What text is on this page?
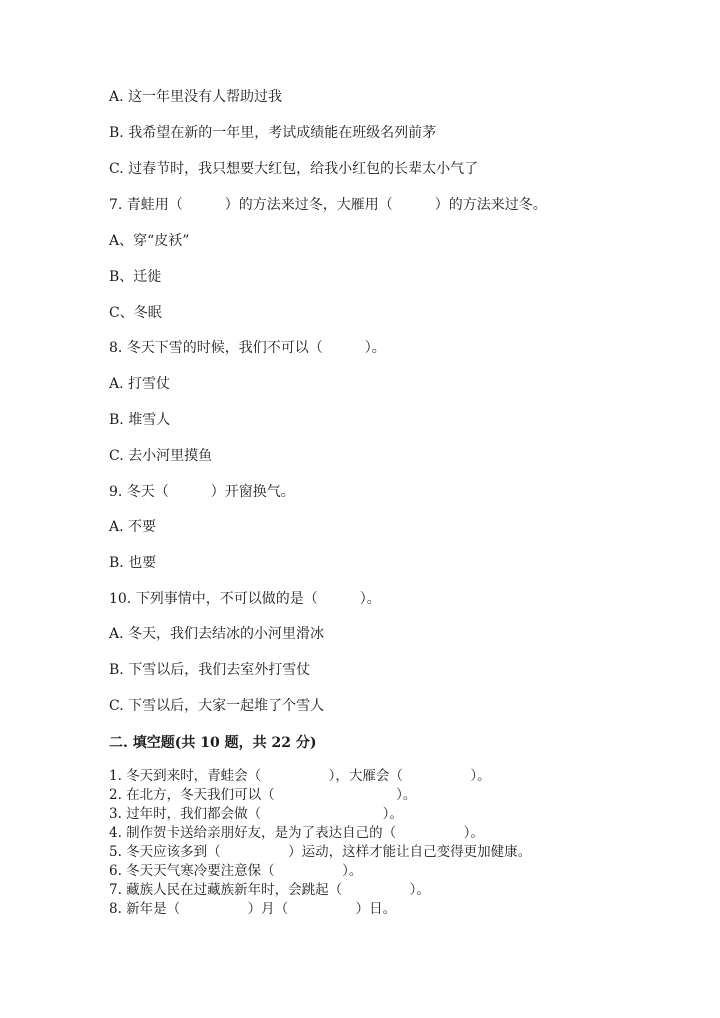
A. 这一年里没有人帮助过我
B. 我希望在新的一年里，考试成绩能在班级名列前茅
C. 过春节时，我只想要大红包，给我小红包的长辈太小气了
7. 青蛙用（　　　）的方法来过冬，大雁用（　　　）的方法来过冬。
A、穿“皮袄”
B、迁徙
C、冬眠
8. 冬天下雪的时候，我们不可以（　　　）。
A. 打雪仗
B. 堆雪人
C. 去小河里摸鱼
9. 冬天（　　　）开窗换气。
A. 不要
B. 也要
10. 下列事情中，不可以做的是（　　　）。
A. 冬天，我们去结冰的小河里滑冰
B. 下雪以后，我们去室外打雪仗
C. 下雪以后，大家一起堆了个雪人
二. 填空题(共 10 题，共 22 分)
1. 冬天到来时，青蛙会（　　　　　），大雁会（　　　　　）。
2. 在北方，冬天我们可以（　　　　　　　　　）。
3. 过年时，我们都会做（　　　　　　　　　）。
4. 制作贺卡送给亲朋好友，是为了表达自己的（　　　　　）。
5. 冬天应该多到（　　　　　）运动，这样才能让自己变得更加健康。
6. 冬天天气寒冷要注意保（　　　　　）。
7. 藏族人民在过藏族新年时，会跳起（　　　　　）。
8. 新年是（　　　　　）月（　　　　　）日。
